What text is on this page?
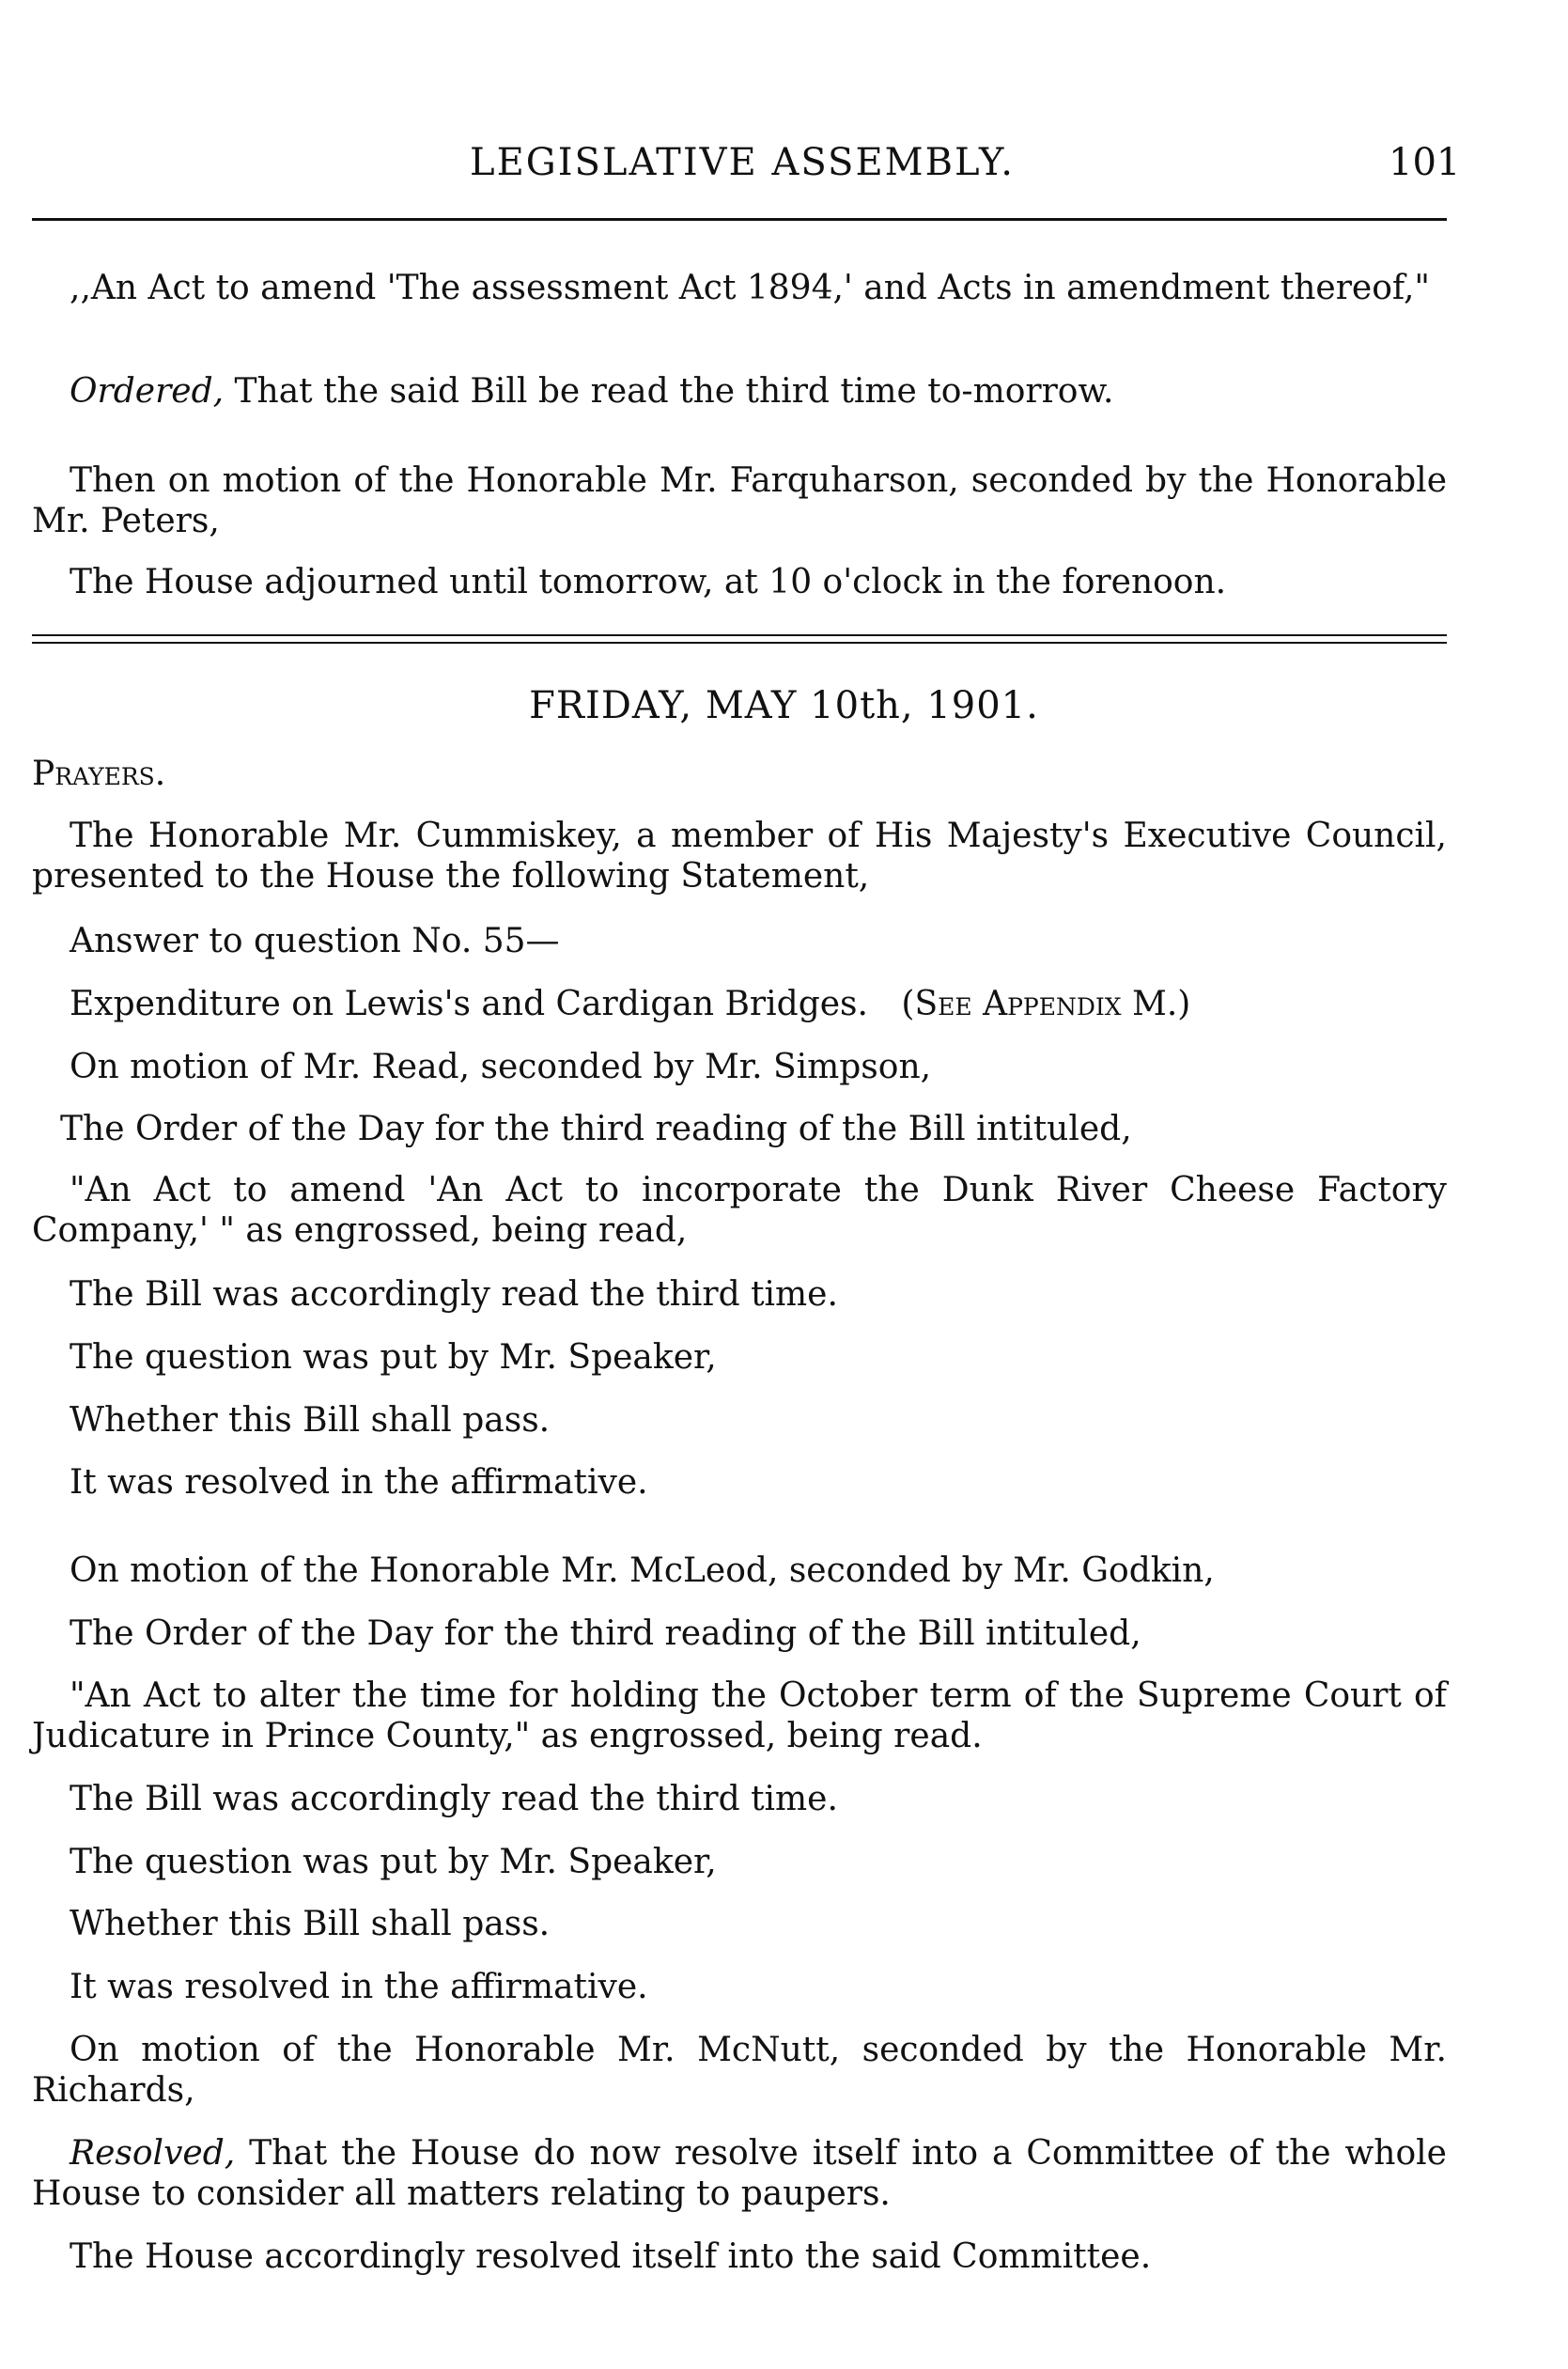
LEGISLATIVE ASSEMBLY.	101
,,An Act to amend 'The assessment Act 1894,' and Acts in amendment thereof,"
Ordered, That the said Bill be read the third time to-morrow.
Then on motion of the Honorable Mr. Farquharson, seconded by the Honorable Mr. Peters,
The House adjourned until tomorrow, at 10 o'clock in the forenoon.
FRIDAY, MAY 10th, 1901.
Prayers.
The Honorable Mr. Cummiskey, a member of His Majesty's Executive Council, presented to the House the following Statement,
Answer to question No. 55—
Expenditure on Lewis's and Cardigan Bridges. (See Appendix M.)
On motion of Mr. Read, seconded by Mr. Simpson,
The Order of the Day for the third reading of the Bill intituled,
"An Act to amend 'An Act to incorporate the Dunk River Cheese Factory Company,' " as engrossed, being read,
The Bill was accordingly read the third time.
The question was put by Mr. Speaker,
Whether this Bill shall pass.
It was resolved in the affirmative.
On motion of the Honorable Mr. McLeod, seconded by Mr. Godkin,
The Order of the Day for the third reading of the Bill intituled,
"An Act to alter the time for holding the October term of the Supreme Court of Judicature in Prince County," as engrossed, being read.
The Bill was accordingly read the third time.
The question was put by Mr. Speaker,
Whether this Bill shall pass.
It was resolved in the affirmative.
On motion of the Honorable Mr. McNutt, seconded by the Honorable Mr. Richards,
Resolved, That the House do now resolve itself into a Committee of the whole House to consider all matters relating to paupers.
The House accordingly resolved itself into the said Committee.
